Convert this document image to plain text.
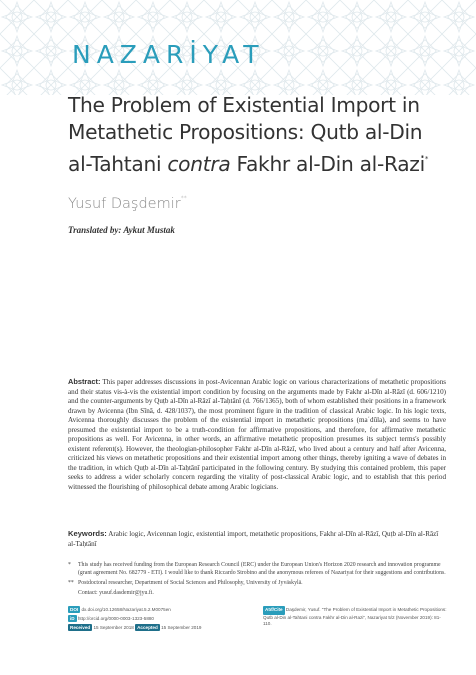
NAZARİYAT
The Problem of Existential Import in
Metathetic Propositions: Qutb al-Din
al-Tahtani contra Fakhr al-Din al-Razi*
Yusuf Daşdemir**
Translated by: Aykut Mustak
Abstract: This paper addresses discussions in post-Avicennan Arabic logic on various characterizations of metathetic propositions and their status vis-à-vis the existential import condition by focusing on the arguments made by Fakhr al-Dīn al-Rāzī (d. 606/1210) and the counter-arguments by Quṭb al-Dīn al-Rāzī al-Taḥtānī (d. 766/1365), both of whom established their positions in a framework drawn by Avicenna (Ibn Sīnā, d. 428/1037), the most prominent figure in the tradition of classical Arabic logic. In his logic texts, Avicenna thoroughly discusses the problem of the existential import in metathetic propositions (maʿdūla), and seems to have presumed the existential import to be a truth-condition for affirmative propositions, and therefore, for affirmative metathetic propositions as well. For Avicenna, in other words, an affirmative metathetic proposition presumes its subject terms's possibly existent referent(s). However, the theologian-philosopher Fakhr al-Dīn al-Rāzī, who lived about a century and half after Avicenna, criticized his views on metathetic propositions and their existential import among other things, thereby igniting a wave of debates in the tradition, in which Quṭb al-Dīn al-Taḥtānī participated in the following century. By studying this contained problem, this paper seeks to address a wider scholarly concern regarding the vitality of post-classical Arabic logic, and to establish that this period witnessed the flourishing of philosophical debate among Arabic logicians.
Keywords: Arabic logic, Avicennan logic, existential import, metathetic propositions, Fakhr al-Dīn al-Rāzī, Quṭb al-Dīn al-Rāzī al-Taḥtānī
*	This study has received funding from the European Research Council (ERC) under the European Union's Horizon 2020 research and innovation programme (grant agreement No. 682779 - ETI). I would like to thank Riccardo Strobino and the anonymous referees of Nazariyat for their suggestions and contributions.
** Postdoctoral researcher, Department of Social Sciences and Philosophy, University of Jyväskylä.
Contact: yusuf.dasdemir@jyu.fi.
DOI dx.doi.org/10.12658/Nazariyat.5.2.M0075en
iD http://orcid.org/0000-0003-1323-5880
Received 15 September 2018 Accepted 15 September 2019
Atıf/Cite Daşdemir, Yusuf. "The Problem of Existential Import in Metathetic Propositions: Qutb al-Din al-Tahtani contra Fakhr al-Din al-Razi", Nazariyat 5/2 (November 2019): 81-110.
